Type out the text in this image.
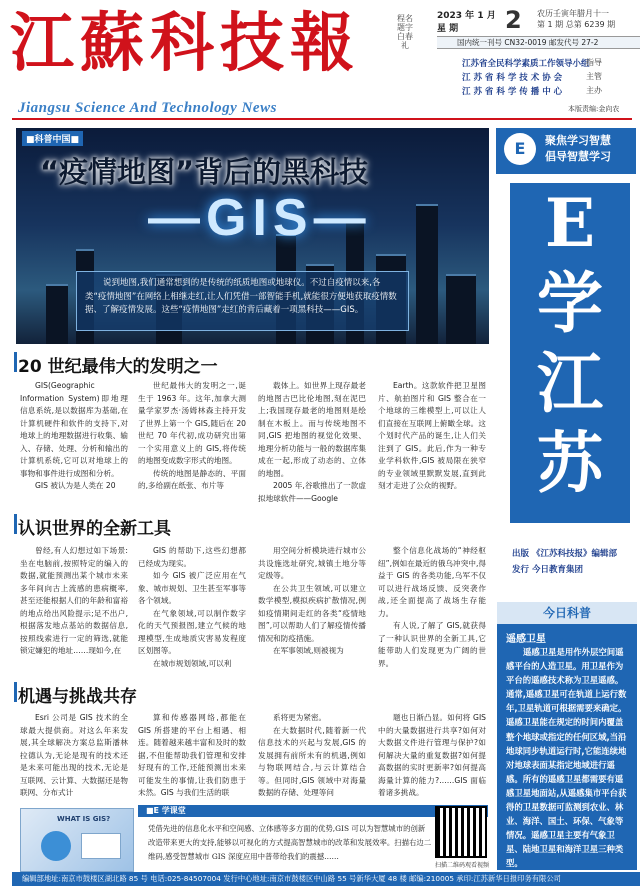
江蘇科技報
Jiangsu Science And Technology News
程名题字 白春礼
2023 年 1 月
星 期	2 农历壬寅年腊月十一
第 1 期 总第 6239 期
国内统一刊号 CN32-0019 邮发代号 27-2
江苏省全民科学素质工作领导小组
指导
江 苏 省 科 学 技 术 协 会	主管
江 苏 省 科 学 传 播 中 心	主办
本版责编:金向农
■科普中国■
“疫情地图”背后的黑科技
—GIS—
说到地图,我们通常想到的是传统的纸质地图或地球仪。不过自疫情以来,各类“疫情地图”在网络上相继走红,让人们凭借一部智能手机,就能很方便地获取疫情数据、了解疫情发展。这些“疫情地图”走红的背后藏着一项黑科技——GIS。
20 世纪最伟大的发明之一
GIS(Geographic Information System)即地理信息系统,是以数据库为基础,在计算机硬件和软件的支持下,对地球上的地理数据进行收集、输入、存储、处理、分析和输出的计算机系统,它可以对地球上的事物和事件进行成图和分析。
GIS 被认为是人类在 20
世纪最伟大的发明之一,诞生于 1963 年。这年,加拿大测量学家罗杰·汤姆林森主持开发了世界上第一个 GIS,随后在 20 世纪 70 年代初,成功研究出第一个实用意义上的 GIS,将传统的地图变成数字形式的地图。
传统的地图是静态的、平面的,多给副在纸张、布片等
载体上。如世界上现存最老的地图古巴比伦地图,刻在泥巴上;我国现存最老的地图则是绘制在木板上。而与传统地图不同,GIS 把地图的视觉化效果、地理分析功能与一般的数据库集成在一起,形成了动态的、立体的地图。
2005 年,谷歌推出了一款虚拟地球软件——Google
Earth。这款软件把卫星图片、航拍图片和 GIS 整合在一个地球的三维模型上,可以让人们直接在互联网上俯瞰全球。这个划时代产品的诞生,让人们关注到了 GIS。此后,作为一种专业学科软件,GIS 被局限在狭窄的专业领域里默默发展,直到此刻才走进了公众的视野。
认识世界的全新工具
曾经,有人幻想过如下场景:坐在电脑前,按照特定的编入的数据,就能预测出某个城市未来多年间向古上流感的患病概率,甚至还能根据人们的年龄和富裕的地点给出风险提示;足不出户,根据落发地点基站的数据信息,按照线索进行一定的筛选,就能锁定嫌犯的地址……现如今,在
GIS 的帮助下,这些幻想都已经成为现实。
如今 GIS 被广泛应用在气象、城市规划、卫生甚至军事等各个领域。
在气象领域,可以制作数字化的天气预报图,建立气候的地理模型,生成地质灾害易发程度区划图等。
在城市规划领域,可以利
用空间分析模块进行城市公共设施选址研究,城镇土地分等定级等。
在公共卫生领域,可以建立数学模型,模拟疾病扩散情况,例如疫情期间走红的各类“疫情地图”,可以帮助人们了解疫情传播情况和防疫措施。
在军事领域,则被视为
整个信息化战场的“神经枢纽”,例如在最近的俄乌冲突中,得益于 GIS 的各类功能,乌军不仅可以进行战场反馈、反突袭作战,还全面提高了战场生存能力。
有人说,了解了 GIS,就获得了一种认识世界的全新工具,它能带助人们发现更为广阔的世界。
机遇与挑战共存
Esri 公司是 GIS 技术的全球最大提供商。对这么年来发展,其全球解决方案总监斯潘林拉德认为,无论是现有的技术还是未来可能出现的技术,无论是互联网、云计算、大数据还是物联网、分布式计
算和传感器网络,都能在 GIS 所搭建的平台上相遇、相连。随着越来越丰富和及时的数据,不但能帮助我们管理和安排好现有的工作,还能预测出未来可能发生的事情,让我们防患于未然。GIS 与我们生活的联
系将更为紧密。
在大数据时代,随着新一代信息技术的兴起与发展,GIS 的发展拥有前所未有的机遇,例如与物联网结合,与云计算结合等。但同时,GIS 领域中对海量数据的存储、处理等问
题也日渐凸显。如何将 GIS 中的大量数据进行共享?如何对大数据文件进行管理与保护?如何解决大量的重复数据?如何提高数据的实时更新率?如何提高海量计算的能力?……GIS 面临着诸多挑战。
E	聚焦学习智慧
倡导智慧学习
E
学
江
苏
出版 《江苏科技报》编辑部
发行 今日教育集团
今日科普
遥感卫星
遥感卫星是用作外层空间遥感平台的人造卫星。用卫星作为平台的遥感技术称为卫星遥感。通常,遥感卫星可在轨道上运行数年,卫星轨道可根据需要来确定。遥感卫星能在规定的时间内覆盖整个地球或指定的任何区域,当沿地球同步轨道运行时,它能连续地对地球表面某指定地域进行遥感。所有的遥感卫星都需要有遥感卫星地面站,从遥感集市平台获得的卫星数据可监测到农业、林业、海洋、国土、环保、气象等情况。遥感卫星主要有气象卫星、陆地卫星和海洋卫星三种类型。
WHAT IS GIS?
■E 学课堂
凭借先进的信息化水平和空间感、立体感等多方面的优势,GIS 可以为智慧城市的创新改造带来更大的支持,能够以可视化的方式提高智慧城市的改革和发展效率。扫描右边二维码,感受智慧城市 GIS 深度应用中普带给我们的震撼……
扫描二维码观看视频
编辑部地址:南京市鼓楼区湖北路 85 号 电话:025-84507004 发行中心地址:南京市鼓楼区中山路 55 号新华大厦 48 楼 邮编:210005 承印:江苏新华日报印务有限公司
